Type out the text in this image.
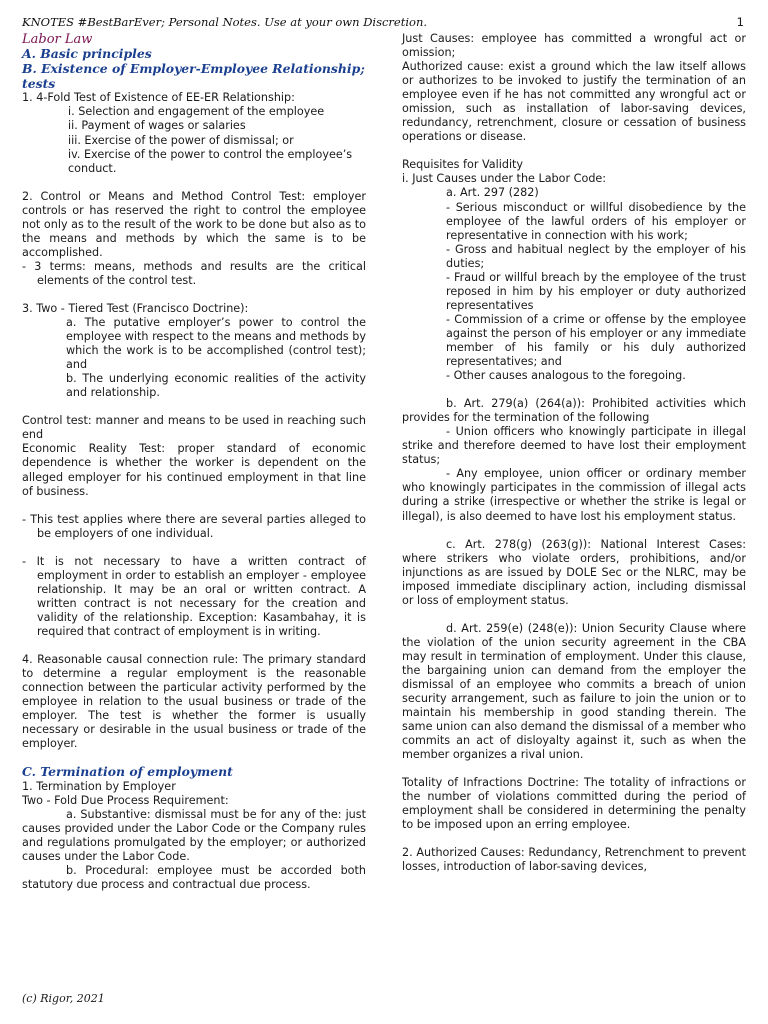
KNOTES #BestBarEver; Personal Notes. Use at your own Discretion.	1
Labor Law
A. Basic principles
B. Existence of Employer-Employee Relationship; tests
1. 4-Fold Test of Existence of EE-ER Relationship:
i. Selection and engagement of the employee
ii. Payment of wages or salaries
iii. Exercise of the power of dismissal; or
iv. Exercise of the power to control the employee’s conduct.

2. Control or Means and Method Control Test: employer controls or has reserved the right to control the employee not only as to the result of the work to be done but also as to the means and methods by which the same is to be accomplished.

- 3 terms: means, methods and results are the critical elements of the control test.

3. Two - Tiered Test (Francisco Doctrine):

a. The putative employer’s power to control the employee with respect to the means and methods by which the work is to be accomplished (control test); and

b. The underlying economic realities of the activity and relationship.

Control test: manner and means to be used in reaching such end

Economic Reality Test: proper standard of economic dependence is whether the worker is dependent on the alleged employer for his continued employment in that line of business.

- This test applies where there are several parties alleged to be employers of one individual.

- It is not necessary to have a written contract of employment in order to establish an employer - employee relationship. It may be an oral or written contract. A written contract is not necessary for the creation and validity of the relationship. Exception: Kasambahay, it is required that contract of employment is in writing.

4. Reasonable causal connection rule: The primary standard to determine a regular employment is the reasonable connection between the particular activity performed by the employee in relation to the usual business or trade of the employer. The test is whether the former is usually necessary or desirable in the usual business or trade of the employer.

C. Termination of employment
1. Termination by Employer
Two - Fold Due Process Requirement:

a. Substantive: dismissal must be for any of the: just causes provided under the Labor Code or the Company rules and regulations promulgated by the employer; or authorized causes under the Labor Code.

b. Procedural: employee must be accorded both statutory due process and contractual due process.

Just Causes: employee has committed a wrongful act or omission;

Authorized cause: exist a ground which the law itself allows or authorizes to be invoked to justify the termination of an employee even if he has not committed any wrongful act or omission, such as installation of labor-saving devices, redundancy, retrenchment, closure or cessation of business operations or disease.

Requisites for Validity
i. Just Causes under the Labor Code:
a. Art. 297 (282)

- Serious misconduct or willful disobedience by the employee of the lawful orders of his employer or representative in connection with his work;

- Gross and habitual neglect by the employer of his duties;

- Fraud or willful breach by the employee of the trust reposed in him by his employer or duty authorized representatives

- Commission of a crime or offense by the employee against the person of his employer or any immediate member of his family or his duly authorized representatives; and

- Other causes analogous to the foregoing.

b. Art. 279(a) (264(a)): Prohibited activities which provides for the termination of the following

- Union officers who knowingly participate in illegal strike and therefore deemed to have lost their employment status;

- Any employee, union officer or ordinary member who knowingly participates in the commission of illegal acts during a strike (irrespective or whether the strike is legal or illegal), is also deemed to have lost his employment status.

c. Art. 278(g) (263(g)): National Interest Cases: where strikers who violate orders, prohibitions, and/or injunctions as are issued by DOLE Sec or the NLRC, may be imposed immediate disciplinary action, including dismissal or loss of employment status.

d. Art. 259(e) (248(e)): Union Security Clause where the violation of the union security agreement in the CBA may result in termination of employment. Under this clause, the bargaining union can demand from the employer the dismissal of an employee who commits a breach of union security arrangement, such as failure to join the union or to maintain his membership in good standing therein. The same union can also demand the dismissal of a member who commits an act of disloyalty against it, such as when the member organizes a rival union.

Totality of Infractions Doctrine: The totality of infractions or the number of violations committed during the period of employment shall be considered in determining the penalty to be imposed upon an erring employee.

2. Authorized Causes: Redundancy, Retrenchment to prevent losses, introduction of labor-saving devices,

(c) Rigor, 2021
